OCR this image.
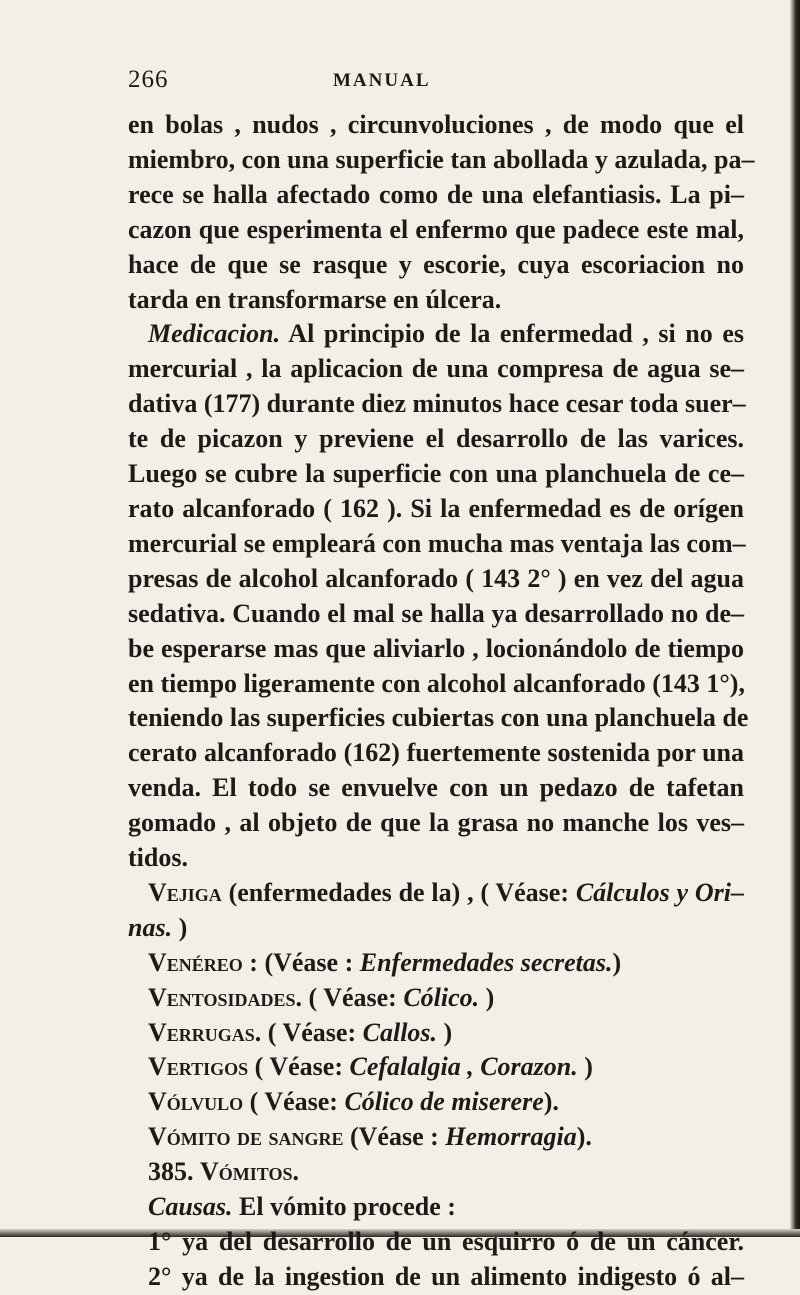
266	MANUAL
en bolas , nudos , circunvoluciones , de modo que el
miembro, con una superficie tan abollada y azulada, pa–
rece se halla afectado como de una elefantiasis. La pi–
cazon que esperimenta el enfermo que padece este mal,
hace de que se rasque y escorie, cuya escoriacion no
tarda en transformarse en úlcera.
Medicacion. Al principio de la enfermedad , si no es
mercurial , la aplicacion de una compresa de agua se–
dativa (177) durante diez minutos hace cesar toda suer–
te de picazon y previene el desarrollo de las varices.
Luego se cubre la superficie con una planchuela de ce–
rato alcanforado ( 162 ). Si la enfermedad es de orígen
mercurial se empleará con mucha mas ventaja las com–
presas de alcohol alcanforado ( 143 2° ) en vez del agua
sedativa. Cuando el mal se halla ya desarrollado no de–
be esperarse mas que aliviarlo , locionándolo de tiempo
en tiempo ligeramente con alcohol alcanforado (143 1°),
teniendo las superficies cubiertas con una planchuela de
cerato alcanforado (162) fuertemente sostenida por una
venda. El todo se envuelve con un pedazo de tafetan
gomado , al objeto de que la grasa no manche los ves–
tidos.
Vejiga (enfermedades de la) , ( Véase: Cálculos y Ori–
nas. )
Venéreo : (Véase : Enfermedades secretas.)
Ventosidades. ( Véase: Cólico. )
Verrugas. ( Véase: Callos. )
Vertigos ( Véase: Cefalalgia , Corazon. )
Vólvulo ( Véase: Cólico de miserere).
Vómito de sangre (Véase : Hemorragia).
385. Vómitos.
Causas. El vómito procede :
1° ya del desarrollo de un esquirro ó de un cáncer.
2° ya de la ingestion de un alimento indigesto ó al–
